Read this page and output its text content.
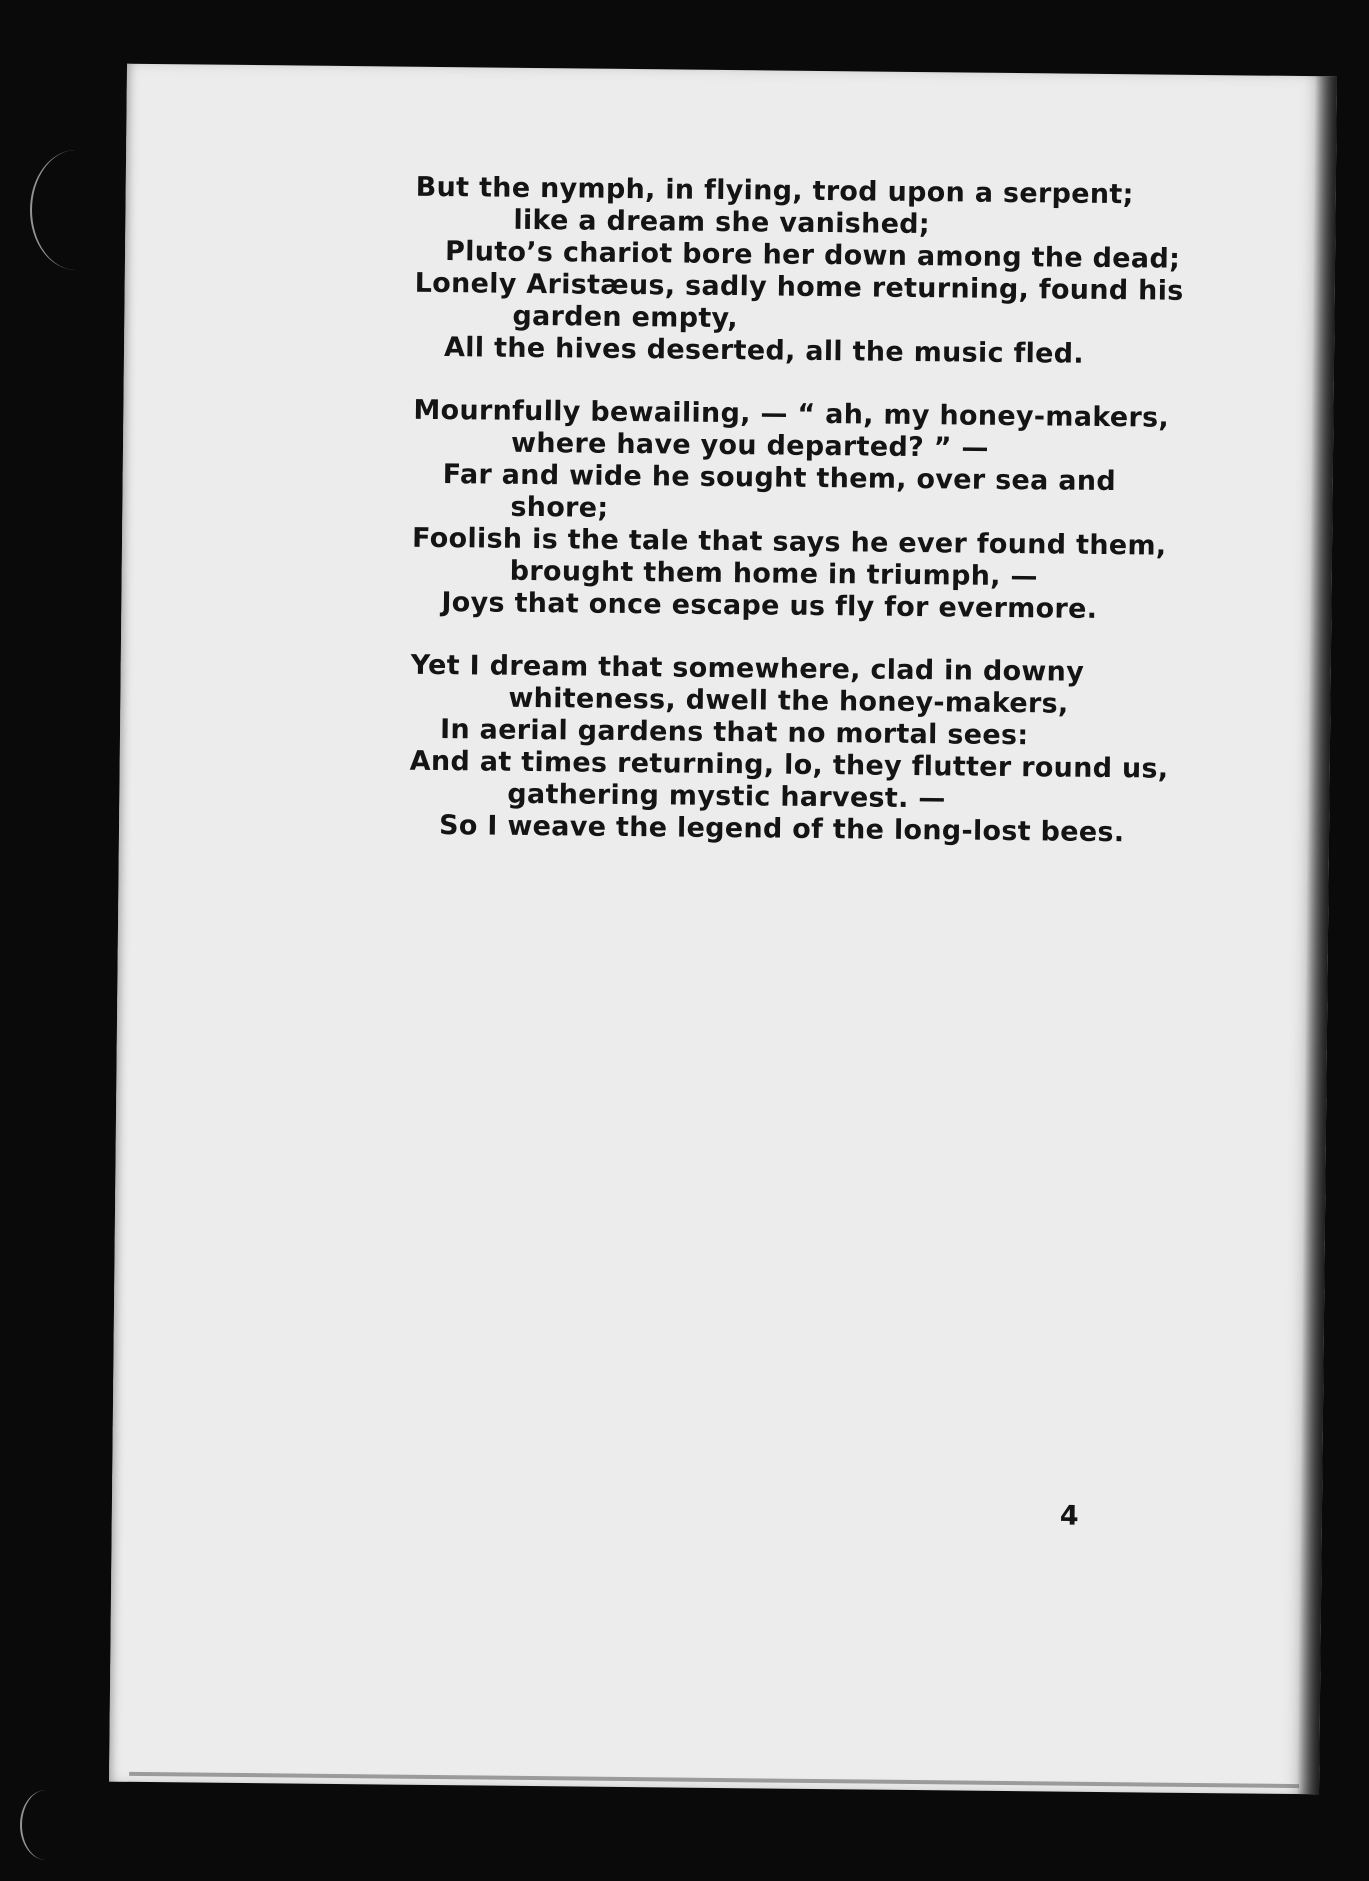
But the nymph, in flying, trod upon a serpent;
like a dream she vanished;
Pluto’s chariot bore her down among the dead;
Lonely Aristæus, sadly home returning, found his
garden empty,
All the hives deserted, all the music fled.
Mournfully bewailing, — “ ah, my honey-makers,
where have you departed? ” —
Far and wide he sought them, over sea and
shore;
Foolish is the tale that says he ever found them,
brought them home in triumph, —
Joys that once escape us fly for evermore.
Yet I dream that somewhere, clad in downy
whiteness, dwell the honey-makers,
In aerial gardens that no mortal sees:
And at times returning, lo, they flutter round us,
gathering mystic harvest. —
So I weave the legend of the long-lost bees.
4
